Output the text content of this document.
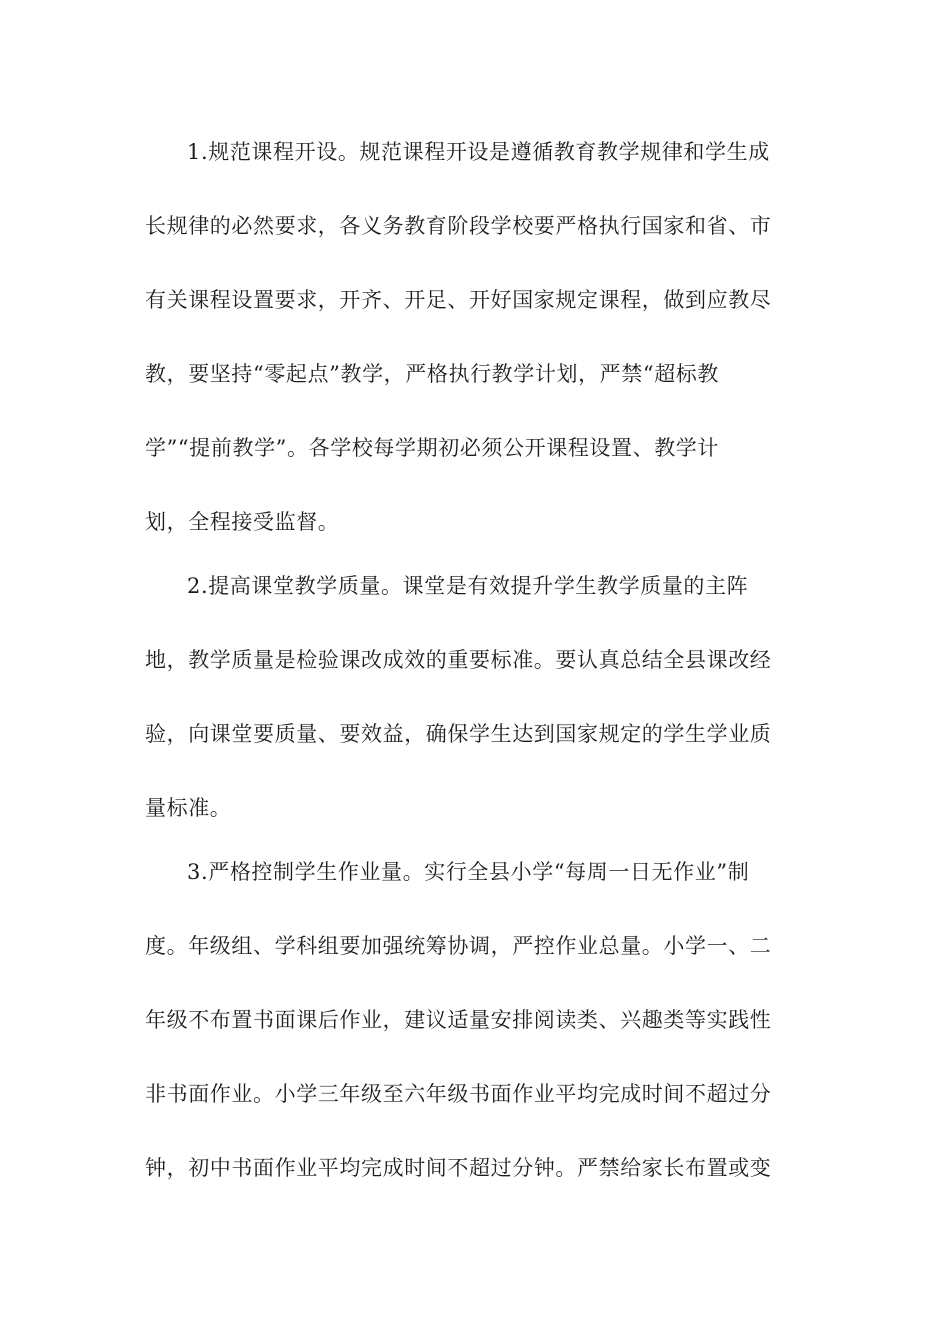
1.规范课程开设。规范课程开设是遵循教育教学规律和学生成
长规律的必然要求，各义务教育阶段学校要严格执行国家和省、市
有关课程设置要求，开齐、开足、开好国家规定课程，做到应教尽
教，要坚持“零起点”教学，严格执行教学计划，严禁“超标教
学”“提前教学”。各学校每学期初必须公开课程设置、教学计
划，全程接受监督。
2.提高课堂教学质量。课堂是有效提升学生教学质量的主阵
地，教学质量是检验课改成效的重要标准。要认真总结全县课改经
验，向课堂要质量、要效益，确保学生达到国家规定的学生学业质
量标准。
3.严格控制学生作业量。实行全县小学“每周一日无作业”制
度。年级组、学科组要加强统筹协调，严控作业总量。小学一、二
年级不布置书面课后作业，建议适量安排阅读类、兴趣类等实践性
非书面作业。小学三年级至六年级书面作业平均完成时间不超过分
钟，初中书面作业平均完成时间不超过分钟。严禁给家长布置或变
